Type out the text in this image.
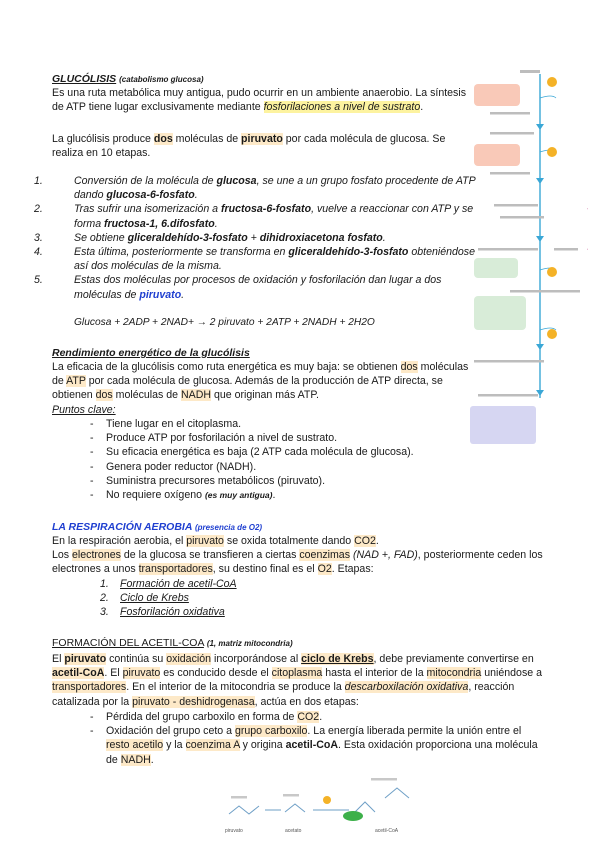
GLUCÓLISIS (catabolismo glucosa)
Es una ruta metabólica muy antigua, pudo ocurrir en un ambiente anaerobio. La síntesis de ATP tiene lugar exclusivamente mediante fosforilaciones a nivel de sustrato.
La glucólisis produce dos moléculas de piruvato por cada molécula de glucosa. Se realiza en 10 etapas.
1.	Conversión de la molécula de glucosa, se une a un grupo fosfato procedente de ATP dando glucosa-6-fosfato.
2.	Tras sufrir una isomerización a fructosa-6-fosfato, vuelve a reaccionar con ATP y se forma fructosa-1, 6.difosfato.
3.	Se obtiene gliceraldehído-3-fosfato + dihidroxiacetona fosfato.
4.	Esta última, posteriormente se transforma en gliceraldehído-3-fosfato obteniéndose así dos moléculas de la misma.
5.	Estas dos moléculas por procesos de oxidación y fosforilación dan lugar a dos moléculas de piruvato.
Glucosa + 2ADP + 2NAD+ → 2 piruvato + 2ATP + 2NADH + 2H2O
Rendimiento energético de la glucólisis
La eficacia de la glucólisis como ruta energética es muy baja: se obtienen dos moléculas de ATP por cada molécula de glucosa. Además de la producción de ATP directa, se obtienen dos moléculas de NADH que originan más ATP.
Puntos clave:
- Tiene lugar en el citoplasma.
- Produce ATP por fosforilación a nivel de sustrato.
- Su eficacia energética es baja (2 ATP cada molécula de glucosa).
- Genera poder reductor (NADH).
- Suministra precursores metabólicos (piruvato).
- No requiere oxígeno (es muy antigua).
LA RESPIRACIÓN AEROBIA (presencia de O2)
En la respiración aerobia, el piruvato se oxida totalmente dando CO2.
Los electrones de la glucosa se transfieren a ciertas coenzimas (NAD +, FAD), posteriormente ceden los electrones a unos transportadores, su destino final es el O2. Etapas:
1. Formación de acetil-CoA
2. Ciclo de Krebs
3. Fosforilación oxidativa
FORMACIÓN DEL ACETIL-COA (1, matriz mitocondria)
El piruvato continúa su oxidación incorporándose al ciclo de Krebs, debe previamente convertirse en acetil-CoA. El piruvato es conducido desde el citoplasma hasta el interior de la mitocondria uniéndose a transportadores. En el interior de la mitocondria se produce la descarboxilación oxidativa, reacción catalizada por la piruvato - deshidrogenasa, actúa en dos etapas:
- Pérdida del grupo carboxilo en forma de CO2.
- Oxidación del grupo ceto a grupo carboxilo. La energía liberada permite la unión entre el resto acetilo y la coenzima A y origina acetil-CoA. Esta oxidación proporciona una molécula de NADH.
piruvato	acetato	acetil-CoA
